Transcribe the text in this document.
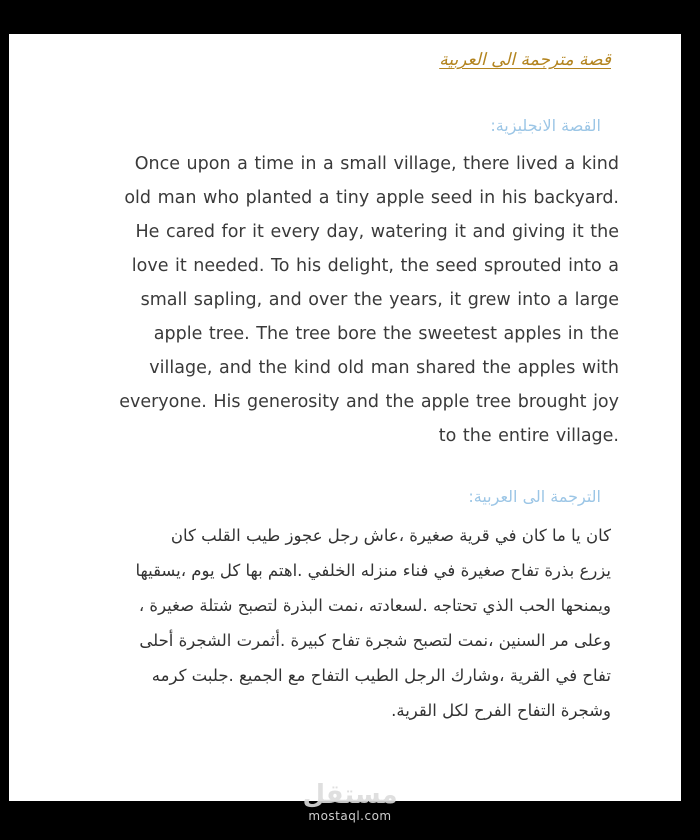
قصة مترجمة الى العربية
القصة الانجليزية:

Once upon a time in a small village, there lived a kind
old man who planted a tiny apple seed in his backyard.
He cared for it every day, watering it and giving it the
love it needed. To his delight, the seed sprouted into a
small sapling, and over the years, it grew into a large
apple tree. The tree bore the sweetest apples in the
village, and the kind old man shared the apples with
everyone. His generosity and the apple tree brought joy
to the entire village.

الترجمة الى العربية:

كان يا ما كان في قرية صغيرة ،عاش رجل عجوز طيب القلب كان
يزرع بذرة تفاح صغيرة في فناء منزله الخلفي .اهتم بها كل يوم ،يسقيها
ويمنحها الحب الذي تحتاجه .لسعادته ،نمت البذرة لتصبح شتلة صغيرة ،
وعلى مر السنين ،نمت لتصبح شجرة تفاح كبيرة .أثمرت الشجرة أحلى
تفاح في القرية ،وشارك الرجل الطيب التفاح مع الجميع .جلبت كرمه
وشجرة التفاح الفرح لكل القرية.

مستقل
mostaql.com
